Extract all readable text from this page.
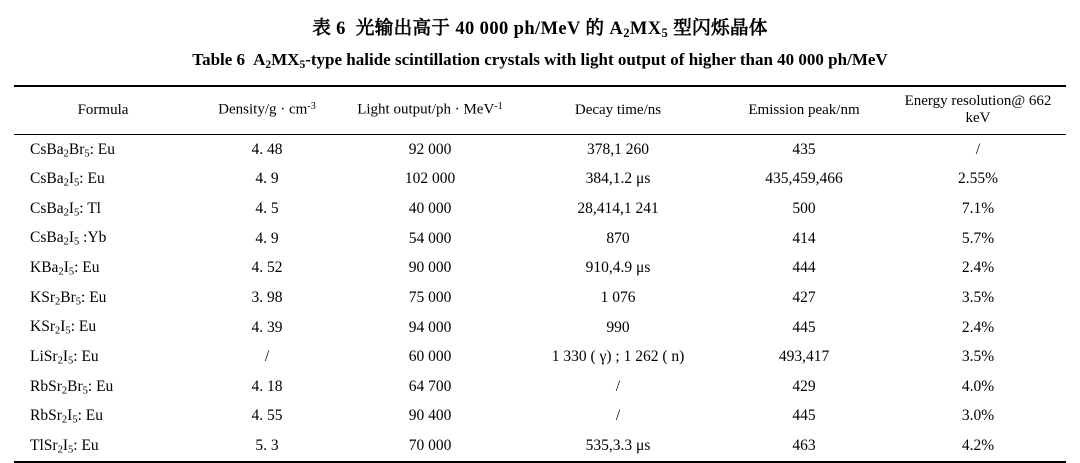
表 6 光输出高于 40 000 ph/MeV 的 $A_2MX_5$ 型闪烁晶体
Table 6 $A_2MX_5$-type halide scintillation crystals with light output of higher than 40 000 ph/MeV
Formula	Density/g · $cm^{-3}$	Light output/ph · MeV$^{-1}$	Decay time/ns	Emission peak/nm	Energy resolution@ 662 keV
$CsBa_2Br_5$: Eu	4. 48	92 000	378,1 260	435	/
$CsBa_2I_5$: Eu	4. 9	102 000	384,1.2 μs	435,459,466	2.55%
$CsBa_2I_5$: Tl	4. 5	40 000	28,414,1 241	500	7.1%
$CsBa_2I_5$ :Yb	4. 9	54 000	870	414	5.7%
$KBa_2I_5$: Eu	4. 52	90 000	910,4.9 μs	444	2.4%
$KSr_2Br_5$: Eu	3. 98	75 000	1 076	427	3.5%
$KSr_2I_5$: Eu	4. 39	94 000	990	445	2.4%
$LiSr_2I_5$: Eu	/	60 000	1 330 ( γ) ; 1 262 ( n)	493,417	3.5%
$RbSr_2Br_5$: Eu	4. 18	64 700	/	429	4.0%
$RbSr_2I_5$: Eu	4. 55	90 400	/	445	3.0%
$TlSr_2I_5$: Eu	5. 3	70 000	535,3.3 μs	463	4.2%
